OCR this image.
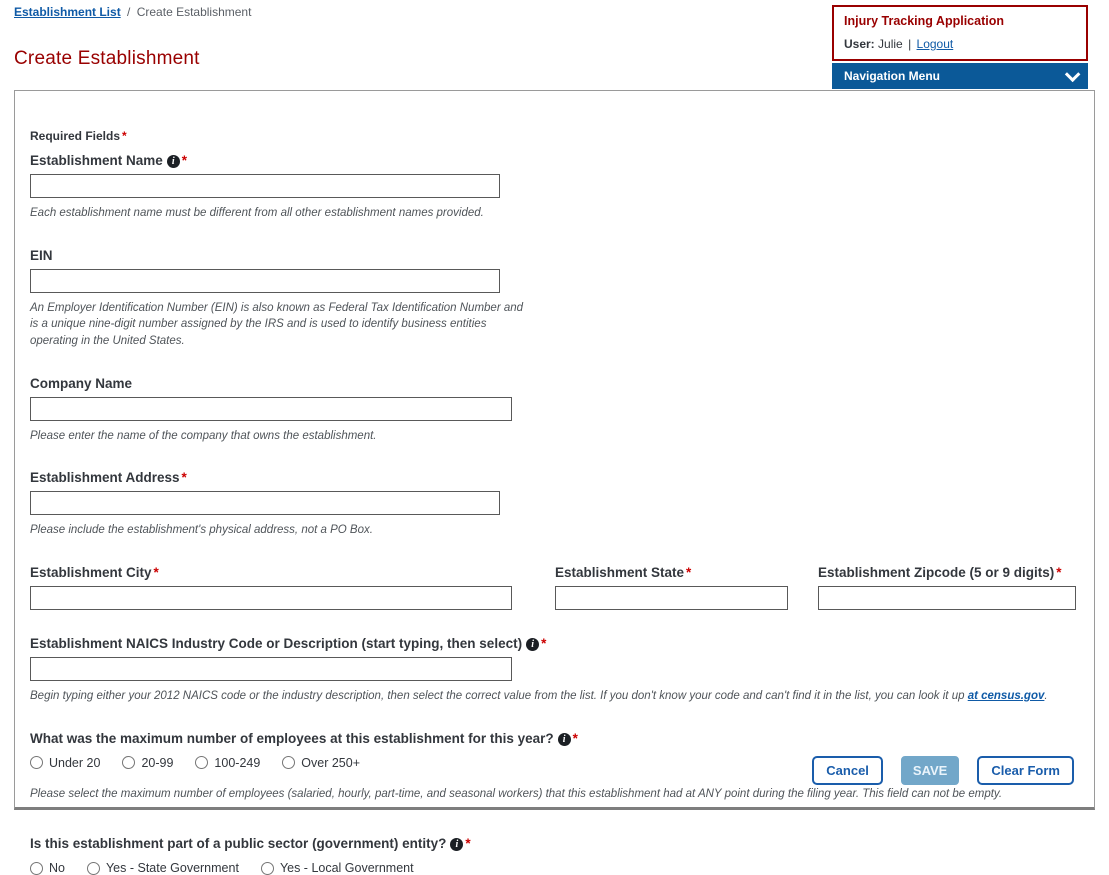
Establishment List / Create Establishment
Injury Tracking Application
User: Julie | Logout
Navigation Menu
Create Establishment
Required Fields *
Establishment Name i *
Each establishment name must be different from all other establishment names provided.
EIN
An Employer Identification Number (EIN) is also known as Federal Tax Identification Number and is a unique nine-digit number assigned by the IRS and is used to identify business entities operating in the United States.
Company Name
Please enter the name of the company that owns the establishment.
Establishment Address *
Please include the establishment's physical address, not a PO Box.
Establishment City *	Establishment State *	Establishment Zipcode (5 or 9 digits) *
Establishment NAICS Industry Code or Description (start typing, then select) i *
Begin typing either your 2012 NAICS code or the industry description, then select the correct value from the list. If you don't know your code and can't find it in the list, you can look it up at census.gov.
What was the maximum number of employees at this establishment for this year? i *
Under 20	20-99	100-249	Over 250+
Please select the maximum number of employees (salaried, hourly, part-time, and seasonal workers) that this establishment had at ANY point during the filing year. This field can not be empty.
Is this establishment part of a public sector (government) entity? i *
No	Yes - State Government	Yes - Local Government
Cancel	SAVE	Clear Form
